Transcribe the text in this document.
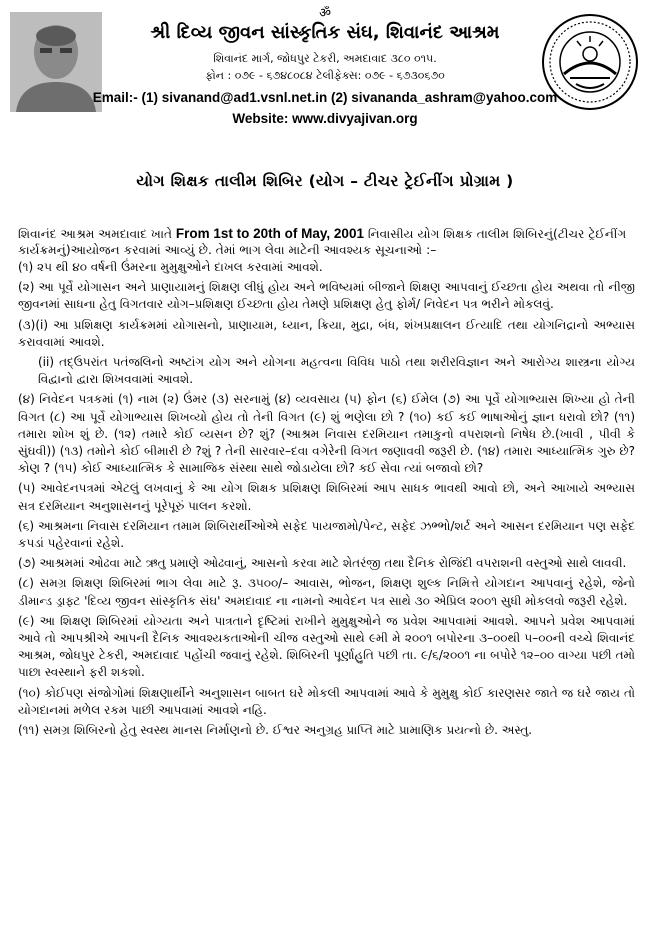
ॐ
શ્રી દિવ્ય જીવન સાંસ્કૃતિક સંઘ, શિવાનંદ આશ્રમ
શિવાનંદ માર્ગ, જોધપુર ટેકરી, અમદાવાદ ૩૮૦ ૦૧૫.
ફોન : ૦૭૯ - ૬૭૪૮૦૮૪ ટેલીફેક્સ: ૦૭૯ - ૬૭૩૦૬૭૦
Email:- (1) sivanand@ad1.vsnl.net.in (2) sivananda_ashram@yahoo.com
Website: www.divyajivan.org
યોગ શિક્ષક તાલીમ શિબિર (યોગ – ટીચર ટ્રેઈનીંગ પ્રોગ્રામ )
શિવાનંદ આશ્રમ અમદાવાદ ખાતે From 1st to 20th of May, 2001 નિવાસીય યોગ શિક્ષક તાલીમ શિબિરનું(ટીચર ટ્રેઈનીંગ કાર્યક્રમનું)આયોજન કરવામાં આવ્યું છે. તેમાં ભાગ લેવા માટેની આવશ્યક સૂચનાઓ :–

(૧) ૨૫ થી ૪૦ વર્ષની ઉંમરના મુમુક્ષુઓને દાખલ કરવામાં આવશે.

(૨) આ પૂર્વે યોગાસન અને પ્રાણાયામનું શિક્ષણ લીધું હોય અને ભવિષ્યમાં બીજાને શિક્ષણ આપવાનું ઈચ્છતા હોય અથવા તો નીજી જીવનમાં સાધના હેતુ વિગતવાર યોગ–પ્રશિક્ષણ ઈચ્છતા હોય તેમણે પ્રશિક્ષણ હેતુ ફોર્મ/ નિવેદન પત્ર ભરીને મોકલવું.

(૩)(i) આ પ્રશિક્ષણ કાર્યક્રમમાં યોગાસનો, પ્રાણાયામ, ધ્યાન, ક્રિયા, મુદ્રા, બંધ, શંખપ્રક્ષાલન ઈત્યાદિ તથા યોગનિદ્રાનો અભ્યાસ કરાવવામાં આવશે.

(ii) તદ્ઉપરાંત પતંજલિનો અષ્ટાંગ યોગ અને યોગના મહત્વના વિવિધ પાઠો તથા શરીરવિજ્ઞાન અને આરોગ્ય શાસ્ત્રના યોગ્ય વિદ્વાનો દ્વારા શિખવવામાં આવશે.

(૪) નિવેદન પત્રકમાં (૧) નામ (૨) ઉંમર (૩) સરનામું (૪) વ્યવસાય (૫) ફોન (૬) ઈમેલ (૭) આ પૂર્વે યોગાભ્યાસ શિખ્યા હો તેની વિગત (૮) આ પૂર્વે યોગાભ્યાસ શિખવ્યો હોય તો તેની વિગત (૯) શું ભણેલા છો ? (૧૦) કઈ કઈ ભાષાઓનું જ્ઞાન ધરાવો છો? (૧૧) તમારા શોખ શું છે. (૧૨) તમારે કોઈ વ્યસન છે? શું? (આશ્રમ નિવાસ દરમિયાન તમાકુનો વપરાશનો નિષેધ છે.(ખાવી , પીવી કે સુંઘવી)) (૧૩) તમોને કોઈ બીમારી છે ?શું ? તેની સારવાર–દવા વગેરેની વિગત જણાવવી જરૂરી છે. (૧૪) તમારા આધ્યાત્મિક ગુરુ છે? કોણ ? (૧૫) કોઈ આધ્યાત્મિક કે સામાજિક સંસ્થા સાથે જોડાયેલા છો? કઈ સેવા ત્યાં બજાવો છો?

(૫) આવેદનપત્રમાં એટલું લખવાનું કે આ યોગ શિક્ષક પ્રશિક્ષણ શિબિરમાં આપ સાધક ભાવથી આવો છો, અને આખાયે અભ્યાસ સત્ર દરમિયાન અનુશાસનનું પૂરેપૂરું પાલન કરશો.

(૬) આશ્રમના નિવાસ દરમિયાન તમામ શિબિરાર્થીઓએ સફેદ પાયજામો/પેન્ટ, સફેદ ઝભ્ભો/શર્ટ અને આસન દરમિયાન પણ સફેદ કપડાં પહેરવાનાં રહેશે.

(૭) આશ્રમમાં ઓઢવા માટે ઋતુ પ્રમાણે ઓઢવાનું, આસનો કરવા માટે શેતરંજી તથા દૈનિક રોજિંદી વપરાશની વસ્તુઓ સાથે લાવવી.

(૮) સમગ્ર શિક્ષણ શિબિરમાં ભાગ લેવા માટે રૂ. ૩૫૦૦/– આવાસ, ભોજન, શિક્ષણ શુલ્ક નિમિત્તે યોગદાન આપવાનું રહેશે, જેનો ડીમાન્ડ ડ્રાફ્ટ 'દિવ્ય જીવન સાંસ્કૃતિક સંઘ' અમદાવાદ ના નામનો આવેદન પત્ર સાથે ૩૦ એપ્રિલ ૨૦૦૧ સુધી મોકલવો જરૂરી રહેશે.

(૯) આ શિક્ષણ શિબિરમાં યોગ્યતા અને પાત્રતાને દૃષ્ટિમાં રાખીને મુમુક્ષુઓને જ પ્રવેશ આપવામાં આવશે. આપને પ્રવેશ આપવામાં આવે તો આપશ્રીએ આપની દૈનિક આવશ્યકતાઓની ચીજ વસ્તુઓ સાથે ૯મી મે ૨૦૦૧ બપોરના ૩–૦૦થી ૫–૦૦ની વચ્ચે શિવાનંદ આશ્રમ, જોધપુર ટેકરી, અમદાવાદ પહોંચી જવાનું રહેશે. શિબિરની પૂર્ણાહુતિ પછી તા. ૯/૬/૨૦૦૧ ના બપોરે ૧૨–૦૦ વાગ્યા પછી તમો પાછા સ્વસ્થાને ફરી શકશો.

(૧૦) કોઈપણ સંજોગોમાં શિક્ષણાર્થીને અનુશાસન બાબત ઘરે મોકલી આપવામાં આવે કે મુમુક્ષુ કોઈ કારણસર જાતે જ ઘરે જાય તો યોગદાનમાં મળેલ રકમ પાછી આપવામાં આવશે નહિ.

(૧૧) સમગ્ર શિબિરનો હેતુ સ્વસ્થ માનસ નિર્માણનો છે. ઈશ્વર અનુગ્રહ પ્રાપ્તિ માટે પ્રામાણિક પ્રયત્નો છે. અસ્તુ.
